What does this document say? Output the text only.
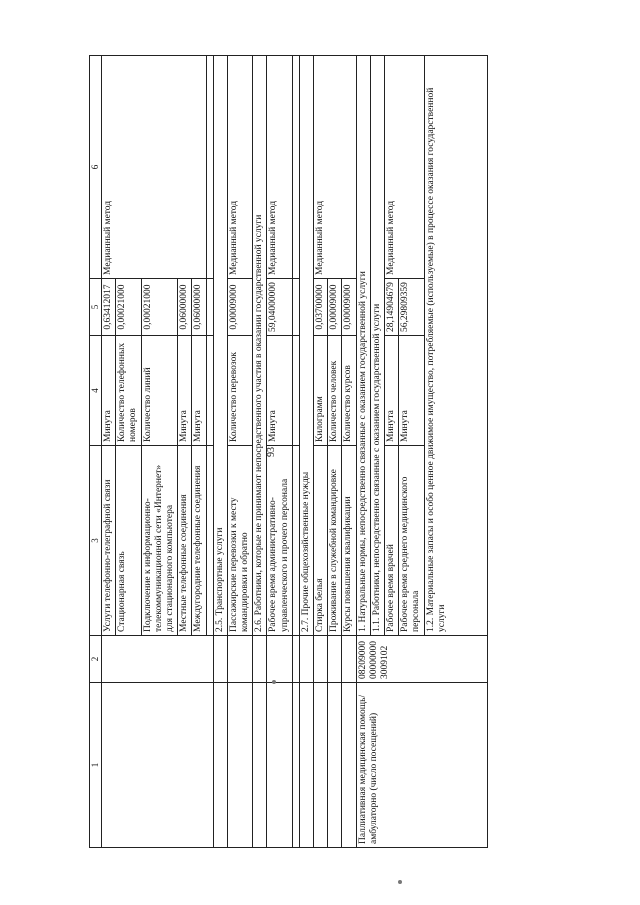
93
1	2	3	4	5	6
		Услуги телефонно-телеграфной связи	Минута	0,63412017	Медианный метод
		Стационарная связь	Количество телефонных номеров	0,00021000	
		Подключение к информационно-телекоммуникационной сети «Интернет» для стационарного компьютера	Количество линий	0,00021000	
		Местные телефонные соединения	Минута	0,06000000	
		Междугородние телефонные соединения	Минута	0,06000000	

		2.5. Транспортные услуги			
		Пассажирские перевозки к месту командировки и обратно	Количество перевозок	0,00009000	Медианный метод
		2.6. Работники, которые не принимают непосредственного участия в оказании государственной услуги			
		Рабочее время административно-управленческого и прочего персонала	Минута	59,04000000	Медианный метод

		2.7. Прочие общехозяйственные нужды			
		Стирка белья	Килограмм	0,03700000	Медианный метод
		Проживание в служебной командировке	Количество человек	0,00009000	
		Курсы повышения квалификации	Количество курсов	0,00009000	
Паллиативная медицинская помощь/амбулаторно (число посещений)	08209000000000003009102	1. Натуральные нормы, непосредственно связанные с оказанием государственной услуги			
		1.1. Работники, непосредственно связанные с оказанием государственной услуги			
		Рабочее время врачей	Минута	28,14904679	Медианный метод
		Рабочее время среднего медицинского персонала	Минута	56,29809359	
		1.2. Материальные запасы и особо ценное движимое имущество, потребляемые (используемые) в процессе оказания государственной услуги			
